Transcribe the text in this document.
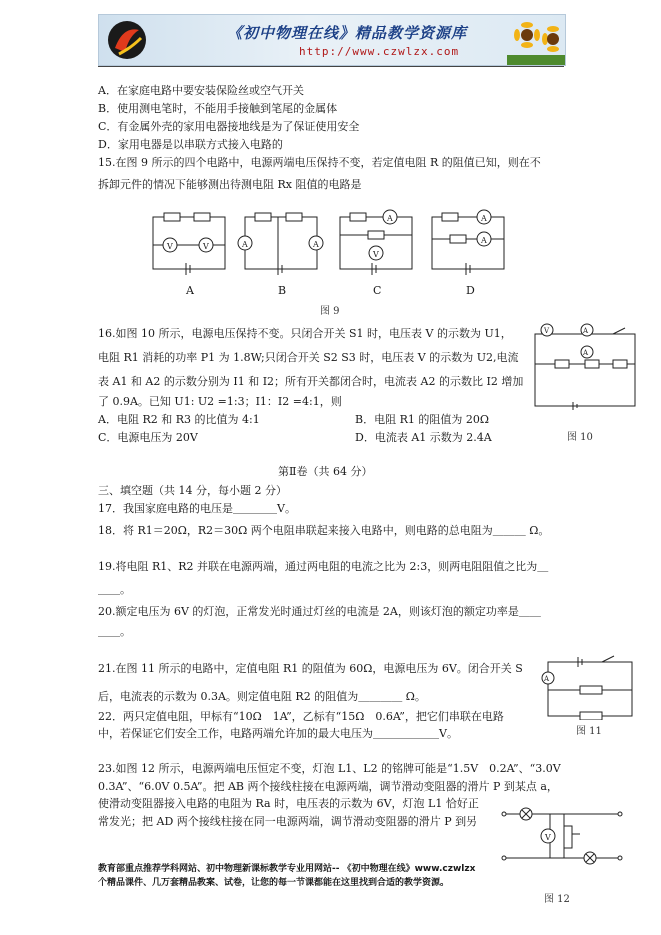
《初中物理在线》精品教学资源库
http://www.czwlzx.com
A．在家庭电路中要安装保险丝或空气开关
B．使用测电笔时，不能用手接触到笔尾的金属体
C．有金属外壳的家用电器接地线是为了保证使用安全
D．家用电器是以串联方式接入电路的
15.在图 9 所示的四个电路中，电源两端电压保持不变，若定值电阻 R 的阻值已知，则在不
拆卸元件的情况下能够测出待测电阻 Rx 阻值的电路是
V	V	A	A
A
V
A
A
A	B	C	D
图 9
16.如图 10 所示，电源电压保持不变。只闭合开关 S1 时，电压表 V 的示数为 U1，
电阻 R1 消耗的功率 P1 为 1.8W;只闭合开关 S2 S3 时，电压表 V 的示数为 U2,电流
表 A1 和 A2 的示数分别为 I1 和 I2；所有开关都闭合时，电流表 A2 的示数比 I2 增加
了 0.9A。已知 U1: U2 =1:3；I1：I2 =4:1，则
A．电阻 R2 和 R3 的比值为 4:1	B．电阻 R1 的阻值为 20Ω
C．电源电压为 20V	D．电流表 A1 示数为 2.4A
V	A
A
图 10
第Ⅱ卷（共 64 分）
三、填空题（共 14 分，每小题 2 分）
17．我国家庭电路的电压是＿＿＿＿V。
18．将 R1＝20Ω，R2＝30Ω 两个电阻串联起来接入电路中，则电路的总电阻为＿＿＿ Ω。
19.将电阻 R1、R2 并联在电源两端，通过两电阻的电流之比为 2:3，则两电阻阻值之比为＿
＿＿。
20.额定电压为 6V 的灯泡，正常发光时通过灯丝的电流是 2A，则该灯泡的额定功率是＿＿
＿＿。
21.在图 11 所示的电路中，定值电阻 R1 的阻值为 60Ω，电源电压为 6V。闭合开关 S
后，电流表的示数为 0.3A。则定值电阻 R2 的阻值为＿＿＿＿ Ω。
A
图 11
22．两只定值电阻，甲标有“10Ω　1A”，乙标有“15Ω　0.6A”，把它们串联在电路
中，若保证它们安全工作，电路两端允许加的最大电压为＿＿＿＿＿＿V。
23.如图 12 所示，电源两端电压恒定不变，灯泡 L1、L2 的铭牌可能是“1.5V　0.2A”、“3.0V
0.3A”、“6.0V 0.5A”。把 AB 两个接线柱接在电源两端，调节滑动变阻器的滑片 P 到某点 a，
使滑动变阻器接入电路的电阻为 Ra 时，电压表的示数为 6V，灯泡 L1 恰好正
常发光；把 AD 两个接线柱接在同一电源两端，调节滑动变阻器的滑片 P 到另
V
图 12
教育部重点推荐学科网站、初中物理新课标教学专业用网站-- 《初中物理在线》www.czwlzx
个精品课件、几万套精品教案、试卷，让您的每一节课都能在这里找到合适的教学资源。
